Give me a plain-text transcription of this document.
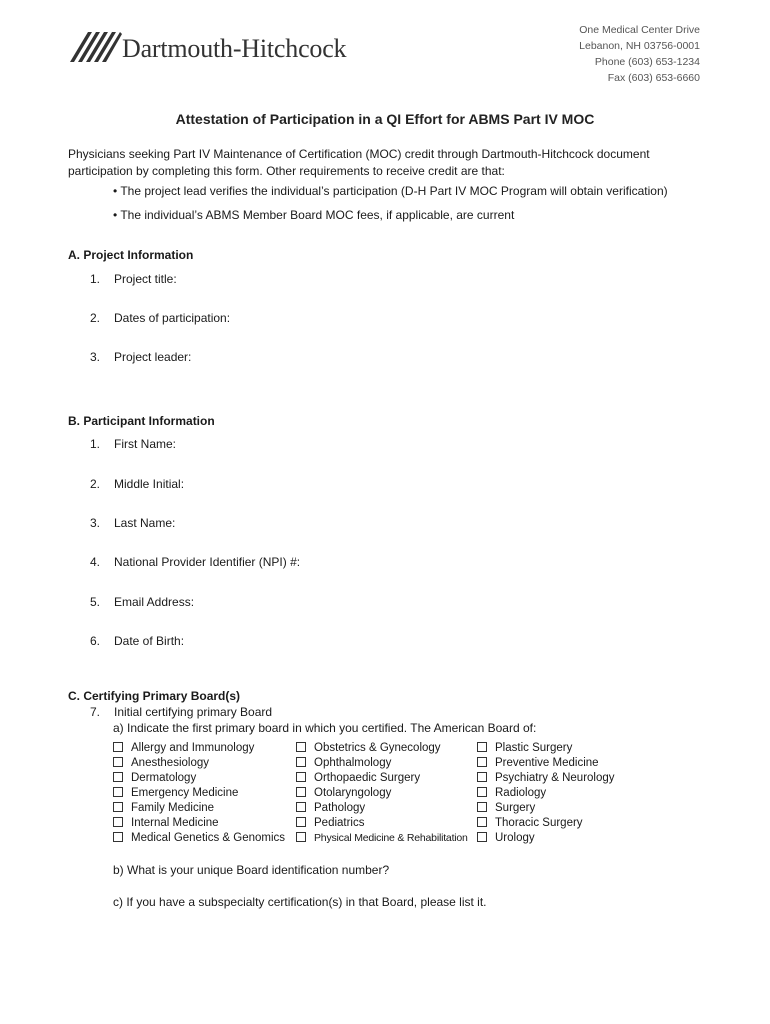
Dartmouth-Hitchcock
One Medical Center Drive
Lebanon, NH 03756-0001
Phone (603) 653-1234
Fax (603) 653-6660
Attestation of Participation in a QI Effort for ABMS Part IV MOC
Physicians seeking Part IV Maintenance of Certification (MOC) credit through Dartmouth-Hitchcock document participation by completing this form. Other requirements to receive credit are that:
• The project lead verifies the individual’s participation (D-H Part IV MOC Program will obtain verification)
• The individual’s ABMS Member Board MOC fees, if applicable, are current
A. Project Information
1. Project title:
2. Dates of participation:
3. Project leader:
B. Participant Information
1. First Name:
2. Middle Initial:
3. Last Name:
4. National Provider Identifier (NPI) #:
5. Email Address:
6. Date of Birth:
C. Certifying Primary Board(s)
7. Initial certifying primary Board
a) Indicate the first primary board in which you certified. The American Board of:
Allergy and Immunology
Anesthesiology
Dermatology
Emergency Medicine
Family Medicine
Internal Medicine
Medical Genetics & Genomics
Obstetrics & Gynecology
Ophthalmology
Orthopaedic Surgery
Otolaryngology
Pathology
Pediatrics
Physical Medicine & Rehabilitation
Plastic Surgery
Preventive Medicine
Psychiatry & Neurology
Radiology
Surgery
Thoracic Surgery
Urology
b) What is your unique Board identification number?
c) If you have a subspecialty certification(s) in that Board, please list it.
